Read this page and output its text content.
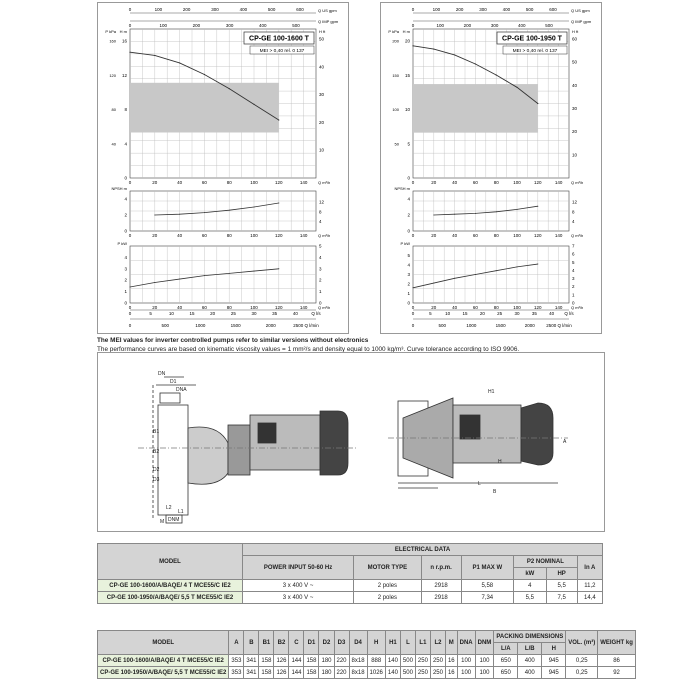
0	100	200	300	400	500	600	Q US gpm
0	100	200	300	400	500
Q IMP gpm
0	20	40	60	80	100	120	140	Q m³/h
0	20	40	60	80	100	120	140	Q m³/h
0	20	40	60	80	100	120	140	Q m³/h
0
4
8
12
16
40
80
120
160
10
20
30
40
50
H m
P kPa	H ft
CP-GE 100-1600 T
MEI > 0,40 rel. 0 137
0
2
4
4
8
12
NPSH m
0
1
2
3
4
0
1
2
3
4
5
P kW
0	5	10	15	20	25	30	35	40	Q l/s
0	500	1000	1500	2000	2500 Q l/min
0	100	200	300	400	500	600	Q US gpm
0	100	200	300	400	500
Q IMP gpm
0	20	40	60	80	100	120	140 Q m³/h
0	20	40	60	80	100	120	140 Q m³/h
0	20	40	60	80	100	120	140 Q m³/h
0
5
10
15
20
50
100
150
200
10
20
30
40
50
60
H m
P kPa	H ft
CP-GE 100-1950 T
MEI > 0,40 rel. 0 137
0
2
4
4
8
12
NPSH m
0
1
2
3
4
5
0
1
2
3
4
5
6
7
P kW
0	5	10	15	20	25	30	35	40 Q l/s
0	500	1000	1500	2000	2500 Q l/min
The MEI values for inverter controlled pumps refer to similar versions without electronics
The performance curves are based on kinematic viscosity values = 1 mm²/s and density equal to 1000 kg/m³. Curve tolerance according to ISO 9906.
DN
D1
DNA
B1
B2
D2
D3
L1
L2
M DNM
H1
H
A
B
L
MODEL	ELECTRICAL DATA						
	POWER INPUT 50-60 Hz	MOTOR TYPE	n r.p.m.	P1 MAX W	P2 NOMINAL		In A
					kW	HP	
CP-GE 100-1600/A/BAQE/ 4 T MCE55/C IE2	3 x 400 V ~	2 poles	2918	5,58	4	5,5	11,2
CP-GE 100-1950/A/BAQE/ 5,5 T MCE55/C IE2	3 x 400 V ~	2 poles	2918	7,34	5,5	7,5	14,4
MODEL	A	B	B1	B2	C	D1	D2	D3	D4	H	H1	L	L1	L2	M	DNA	DNM	PACKING DIMENSIONS			VOL. (m³)	WEIGHT kg
																		L/A	L/B	H		
CP-GE 100-1600/A/BAQE/ 4 T MCE55/C IE2	353	341	158	126	144	158	180	220	8x18	888	140	500	250	250	16	100	100	650	400	945	0,25	86
CP-GE 100-1950/A/BAQE/ 5,5 T MCE55/C IE2	353	341	158	126	144	158	180	220	8x18	1026	140	500	250	250	16	100	100	650	400	945	0,25	92
